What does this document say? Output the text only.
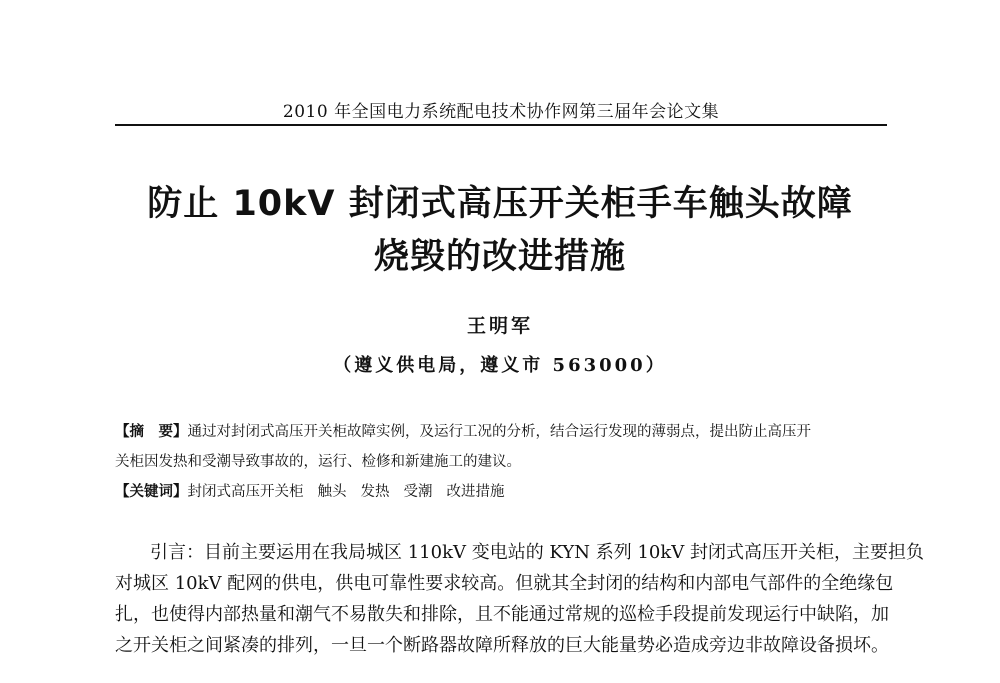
2010 年全国电力系统配电技术协作网第三届年会论文集
防止 10kV 封闭式高压开关柜手车触头故障
烧毁的改进措施
王明军
（遵义供电局，遵义市 563000）
【摘　要】通过对封闭式高压开关柜故障实例，及运行工况的分析，结合运行发现的薄弱点，提出防止高压开
关柜因发热和受潮导致事故的，运行、检修和新建施工的建议。
【关键词】封闭式高压开关柜 触头 发热 受潮 改进措施
引言：目前主要运用在我局城区 110kV 变电站的 KYN 系列 10kV 封闭式高压开关柜，主要担负
对城区 10kV 配网的供电，供电可靠性要求较高。但就其全封闭的结构和内部电气部件的全绝缘包
扎，也使得内部热量和潮气不易散失和排除，且不能通过常规的巡检手段提前发现运行中缺陷，加
之开关柜之间紧凑的排列，一旦一个断路器故障所释放的巨大能量势必造成旁边非故障设备损坏。
